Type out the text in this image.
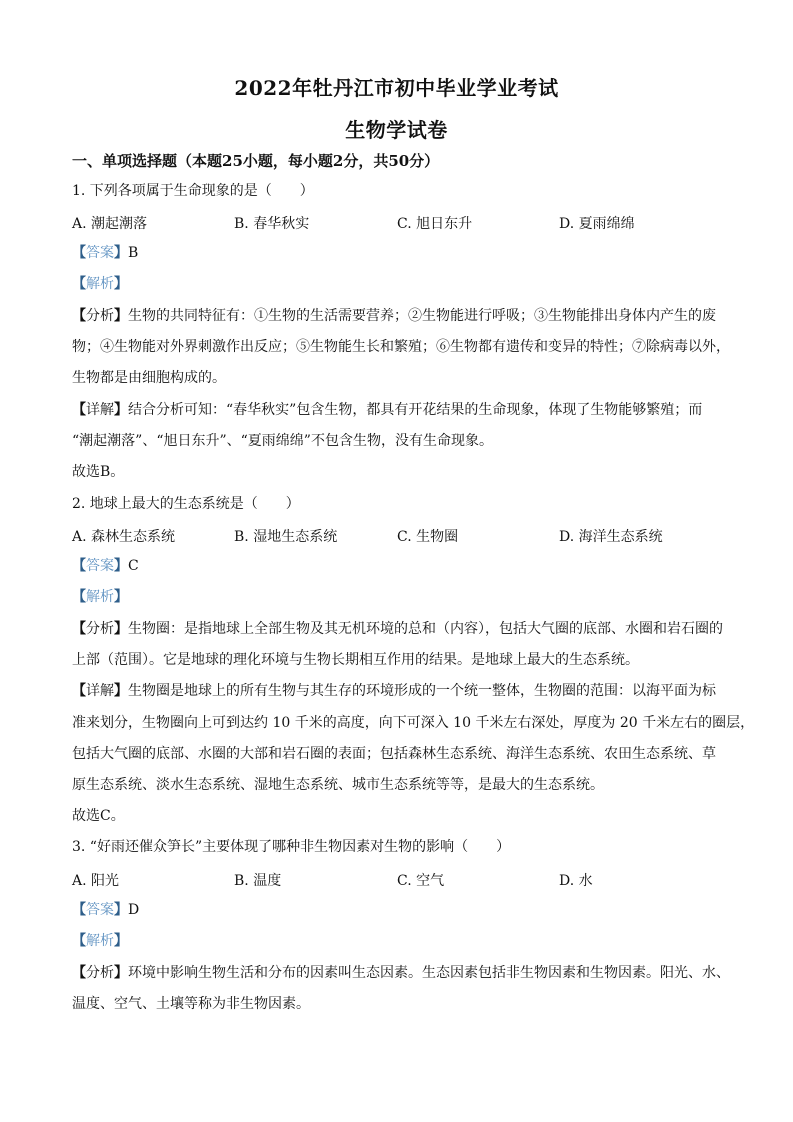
2022年牡丹江市初中毕业学业考试
生物学试卷
一、单项选择题（本题25小题，每小题2分，共50分）
1. 下列各项属于生命现象的是（　　）
A. 潮起潮落	B. 春华秋实	C. 旭日东升	D. 夏雨绵绵
【答案】B
【解析】
【分析】生物的共同特征有：①生物的生活需要营养；②生物能进行呼吸；③生物能排出身体内产生的废
物；④生物能对外界刺激作出反应；⑤生物能生长和繁殖；⑥生物都有遗传和变异的特性；⑦除病毒以外，
生物都是由细胞构成的。
【详解】结合分析可知：“春华秋实”包含生物，都具有开花结果的生命现象，体现了生物能够繁殖；而
“潮起潮落”、“旭日东升”、“夏雨绵绵”不包含生物，没有生命现象。
故选B。
2. 地球上最大的生态系统是（　　）
A. 森林生态系统	B. 湿地生态系统	C. 生物圈	D. 海洋生态系统
【答案】C
【解析】
【分析】生物圈：是指地球上全部生物及其无机环境的总和（内容），包括大气圈的底部、水圈和岩石圈的
上部（范围）。它是地球的理化环境与生物长期相互作用的结果。是地球上最大的生态系统。
【详解】生物圈是地球上的所有生物与其生存的环境形成的一个统一整体，生物圈的范围：以海平面为标
准来划分，生物圈向上可到达约 10 千米的高度，向下可深入 10 千米左右深处，厚度为 20 千米左右的圈层，
包括大气圈的底部、水圈的大部和岩石圈的表面；包括森林生态系统、海洋生态系统、农田生态系统、草
原生态系统、淡水生态系统、湿地生态系统、城市生态系统等等，是最大的生态系统。
故选C。
3. “好雨还催众笋长”主要体现了哪种非生物因素对生物的影响（　　）
A. 阳光	B. 温度	C. 空气	D. 水
【答案】D
【解析】
【分析】环境中影响生物生活和分布的因素叫生态因素。生态因素包括非生物因素和生物因素。阳光、水、
温度、空气、土壤等称为非生物因素。
